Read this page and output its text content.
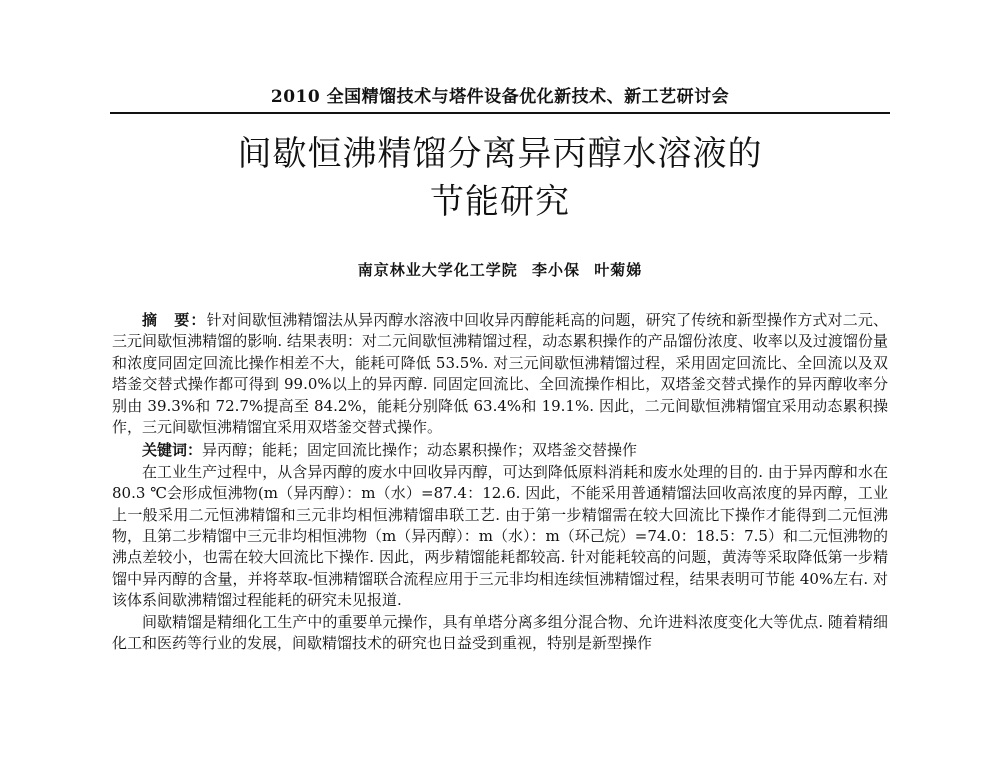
2010 全国精馏技术与塔件设备优化新技术、新工艺研讨会
间歇恒沸精馏分离异丙醇水溶液的
节能研究
南京林业大学化工学院 李小保 叶菊娣

摘　要：针对间歇恒沸精馏法从异丙醇水溶液中回收异丙醇能耗高的问题，研究了传统和新型操作方式对二元、三元间歇恒沸精馏的影响. 结果表明：对二元间歇恒沸精馏过程，动态累积操作的产品馏份浓度、收率以及过渡馏份量和浓度同固定回流比操作相差不大，能耗可降低 53.5%. 对三元间歇恒沸精馏过程，采用固定回流比、全回流以及双塔釜交替式操作都可得到 99.0%以上的异丙醇. 同固定回流比、全回流操作相比，双塔釜交替式操作的异丙醇收率分别由 39.3%和 72.7%提高至 84.2%，能耗分别降低 63.4%和 19.1%. 因此，二元间歇恒沸精馏宜采用动态累积操作，三元间歇恒沸精馏宜采用双塔釜交替式操作。

关键词：异丙醇；能耗；固定回流比操作；动态累积操作；双塔釜交替操作

在工业生产过程中，从含异丙醇的废水中回收异丙醇，可达到降低原料消耗和废水处理的目的. 由于异丙醇和水在 80.3 ℃会形成恒沸物(m（异丙醇）：m（水）=87.4：12.6. 因此，不能采用普通精馏法回收高浓度的异丙醇，工业上一般采用二元恒沸精馏和三元非均相恒沸精馏串联工艺. 由于第一步精馏需在较大回流比下操作才能得到二元恒沸物，且第二步精馏中三元非均相恒沸物（m（异丙醇）：m（水）：m（环己烷）=74.0：18.5：7.5）和二元恒沸物的沸点差较小，也需在较大回流比下操作. 因此，两步精馏能耗都较高. 针对能耗较高的问题，黄涛等采取降低第一步精馏中异丙醇的含量，并将萃取-恒沸精馏联合流程应用于三元非均相连续恒沸精馏过程，结果表明可节能 40%左右. 对该体系间歇沸精馏过程能耗的研究未见报道.

间歇精馏是精细化工生产中的重要单元操作，具有单塔分离多组分混合物、允许进料浓度变化大等优点. 随着精细化工和医药等行业的发展，间歇精馏技术的研究也日益受到重视，特别是新型操作
